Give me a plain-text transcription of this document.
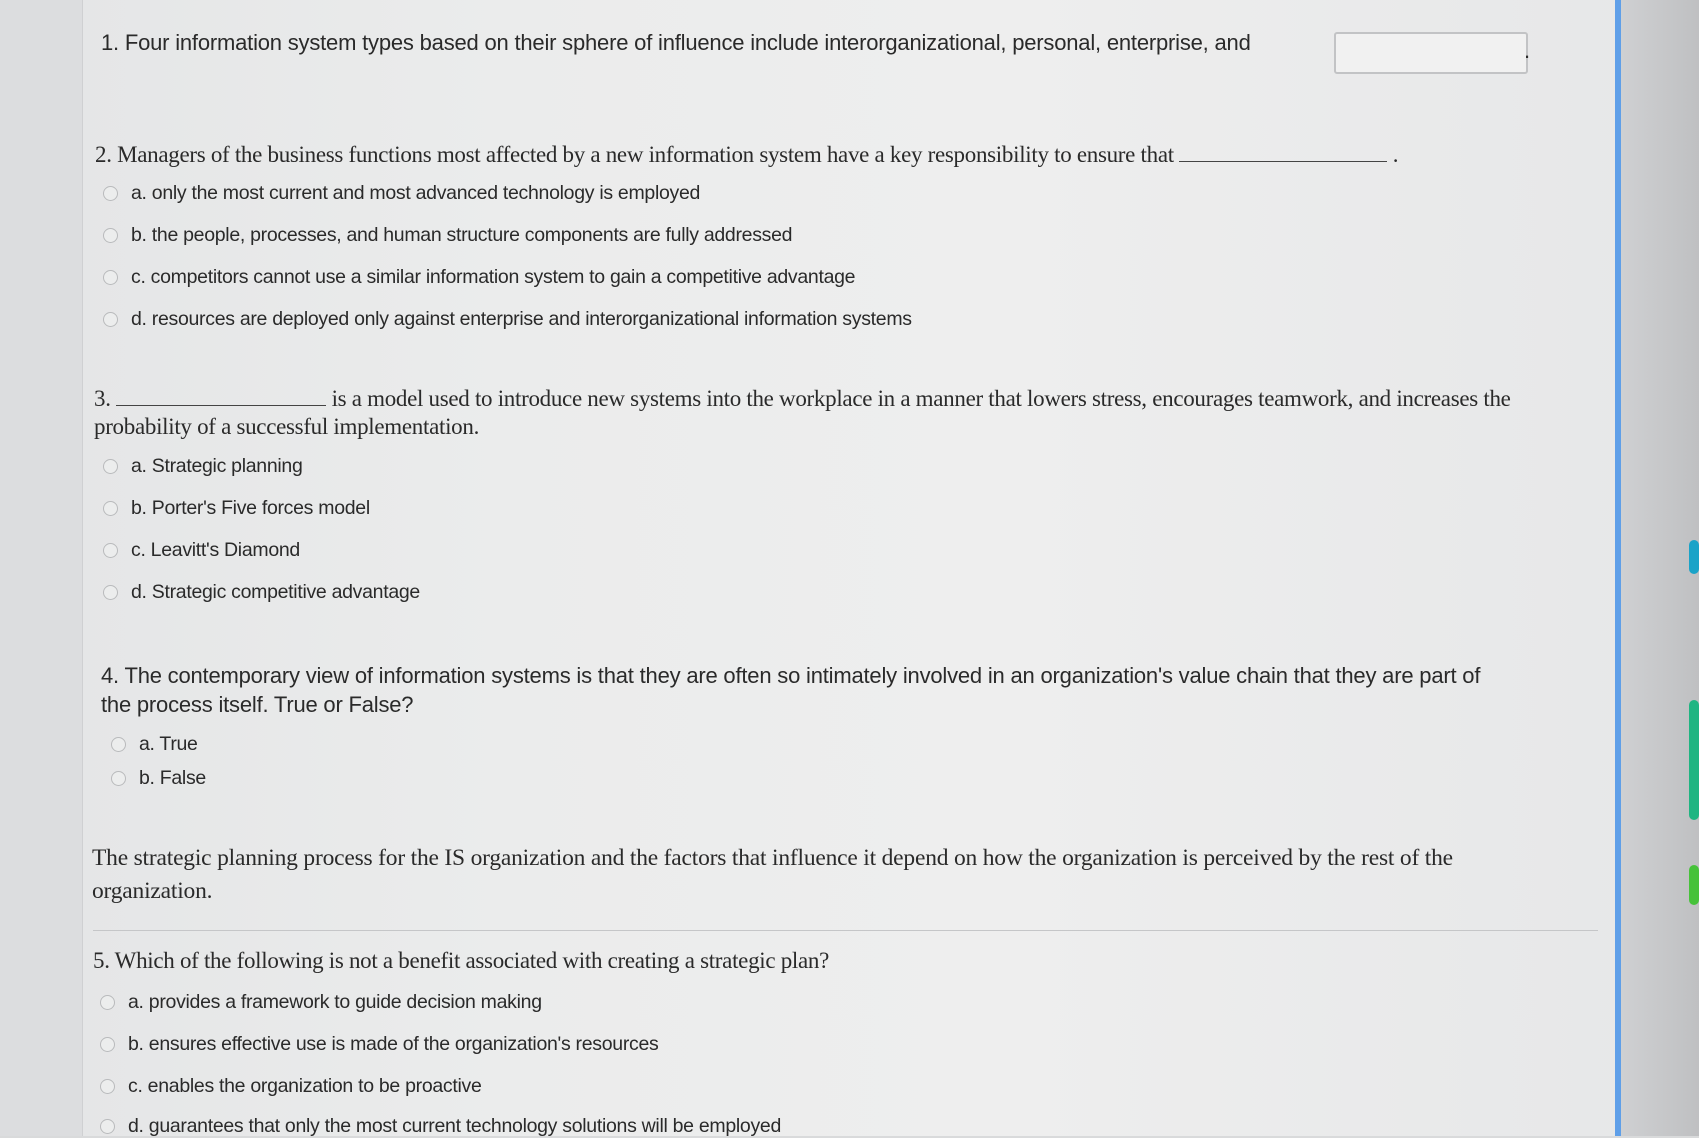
1. Four information system types based on their sphere of influence include interorganizational, personal, enterprise, and	.
2. Managers of the business functions most affected by a new information system have a key responsibility to ensure that	.
a. only the most current and most advanced technology is employed
b. the people, processes, and human structure components are fully addressed
c. competitors cannot use a similar information system to gain a competitive advantage
d. resources are deployed only against enterprise and interorganizational information systems
3.	is a model used to introduce new systems into the workplace in a manner that lowers stress, encourages teamwork, and increases the
probability of a successful implementation.
a. Strategic planning
b. Porter's Five forces model
c. Leavitt's Diamond
d. Strategic competitive advantage
4. The contemporary view of information systems is that they are often so intimately involved in an organization's value chain that they are part of
the process itself. True or False?
a. True
b. False
The strategic planning process for the IS organization and the factors that influence it depend on how the organization is perceived by the rest of the
organization.
5. Which of the following is not a benefit associated with creating a strategic plan?
a. provides a framework to guide decision making
b. ensures effective use is made of the organization's resources
c. enables the organization to be proactive
d. guarantees that only the most current technology solutions will be employed
